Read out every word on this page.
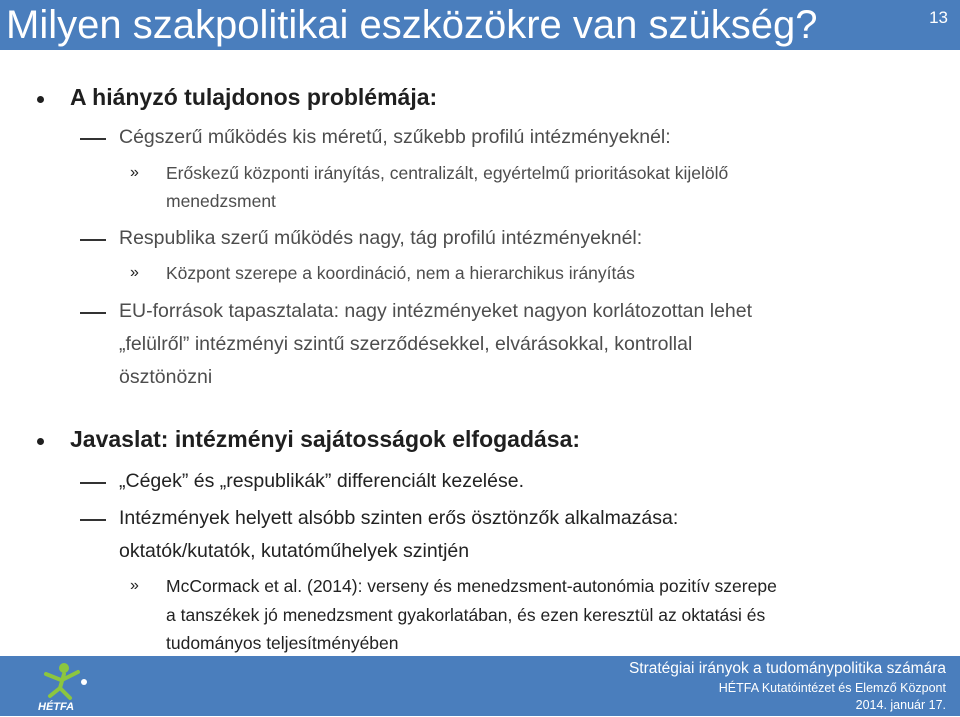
Milyen szakpolitikai eszközökre van szükség?	13
A hiányzó tulajdonos problémája:
Cégszerű működés kis méretű, szűkebb profilú intézményeknél:
» Erőskezű központi irányítás, centralizált, egyértelmű prioritásokat kijelölő
menedzsment
Respublika szerű működés nagy, tág profilú intézményeknél:
» Központ szerepe a koordináció, nem a hierarchikus irányítás
EU-források tapasztalata: nagy intézményeket nagyon korlátozottan lehet
„felülről” intézményi szintű szerződésekkel, elvárásokkal, kontrollal
ösztönözni
Javaslat: intézményi sajátosságok elfogadása:
„Cégek” és „respublikák” differenciált kezelése.
Intézmények helyett alsóbb szinten erős ösztönzők alkalmazása:
oktatók/kutatók, kutatóműhelyek szintjén
» McCormack et al. (2014): verseny és menedzsment-autonómia pozitív szerepe
a tanszékek jó menedzsment gyakorlatában, és ezen keresztül az oktatási és
tudományos teljesítményében
HÉTFA
Stratégiai irányok a tudománypolitika számára
HÉTFA Kutatóintézet és Elemző Központ
2014. január 17.
